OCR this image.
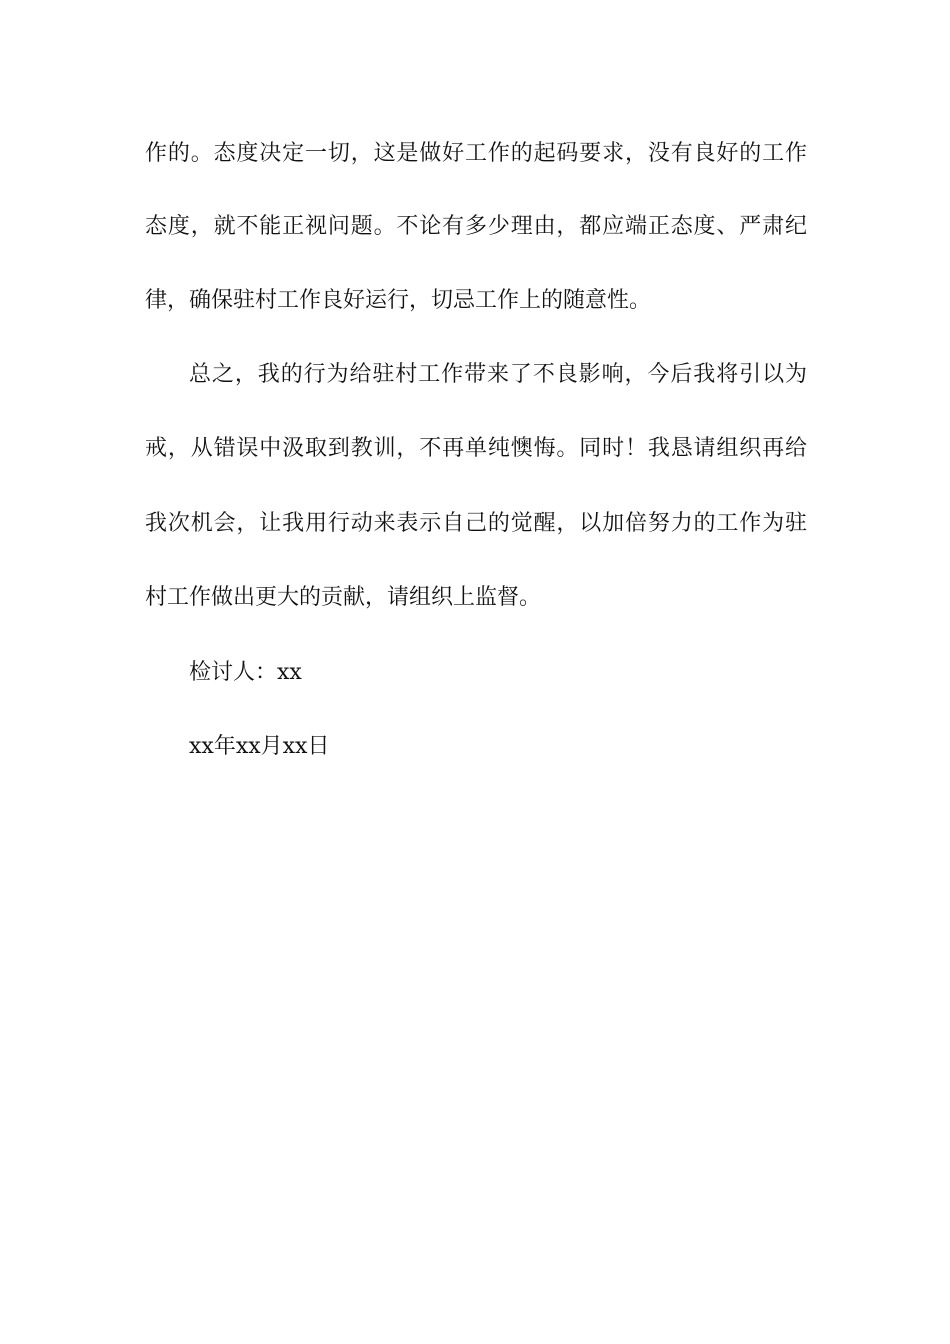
作的。态度决定一切，这是做好工作的起码要求，没有良好的工作
态度，就不能正视问题。不论有多少理由，都应端正态度、严肃纪
律，确保驻村工作良好运行，切忌工作上的随意性。
总之，我的行为给驻村工作带来了不良影响，今后我将引以为
戒，从错误中汲取到教训，不再单纯懊悔。同时！我恳请组织再给
我次机会，让我用行动来表示自己的觉醒，以加倍努力的工作为驻
村工作做出更大的贡献，请组织上监督。
检讨人：xx
xx年xx月xx日
